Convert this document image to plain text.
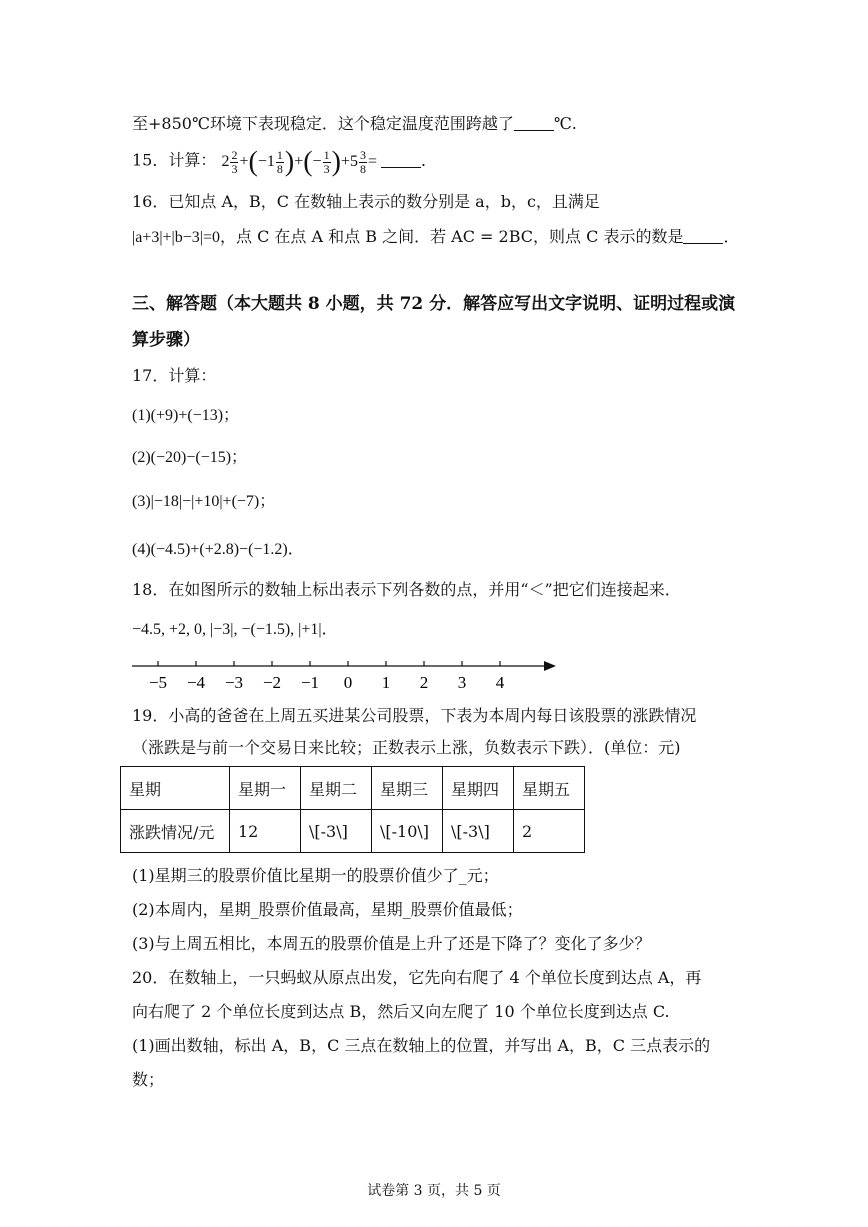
至+850℃环境下表现稳定．这个稳定温度范围跨越了	℃.
15．计算： $2 \frac{2}{3} +(-1 \frac{1}{8}$ )+(− $\frac{1}{3} )+5 \frac{3}{8}$ =	．
16．已知点 A，B，C 在数轴上表示的数分别是 a，b，c，且满足
|a+3|+|b−3|=0，点 C 在点 A 和点 B 之间．若 AC = 2BC，则点 C 表示的数是	．
三、解答题（本大题共 8 小题，共 72 分．解答应写出文字说明、证明过程或演
算步骤）
17．计算：
(1)(+9)+(−13)；
(2)(−20)−(−15)；
(3)|−18|−|+10|+(−7)；
(4)(−4.5)+(+2.8)−(−1.2)．
18．在如图所示的数轴上标出表示下列各数的点，并用“＜”把它们连接起来．
−4.5, +2, 0, |−3|, −(−1.5), |+1|．
−5 −4 −3 −2 −1 0 1 2 3 4
19．小高的爸爸在上周五买进某公司股票，下表为本周内每日该股票的涨跌情况
（涨跌是与前一个交易日来比较；正数表示上涨，负数表示下跌）．(单位：元)
星期	星期一	星期二	星期三	星期四	星期五
涨跌情况/元	12	\[-3\]	\[-10\]	\[-3\]	2
(1)星期三的股票价值比星期一的股票价值少了_元；
(2)本周内，星期_股票价值最高，星期_股票价值最低；
(3)与上周五相比，本周五的股票价值是上升了还是下降了？变化了多少？
20．在数轴上，一只蚂蚁从原点出发，它先向右爬了 4 个单位长度到达点 A，再
向右爬了 2 个单位长度到达点 B，然后又向左爬了 10 个单位长度到达点 C.
(1)画出数轴，标出 A，B，C 三点在数轴上的位置，并写出 A，B，C 三点表示的
数；
试卷第 3 页，共 5 页
